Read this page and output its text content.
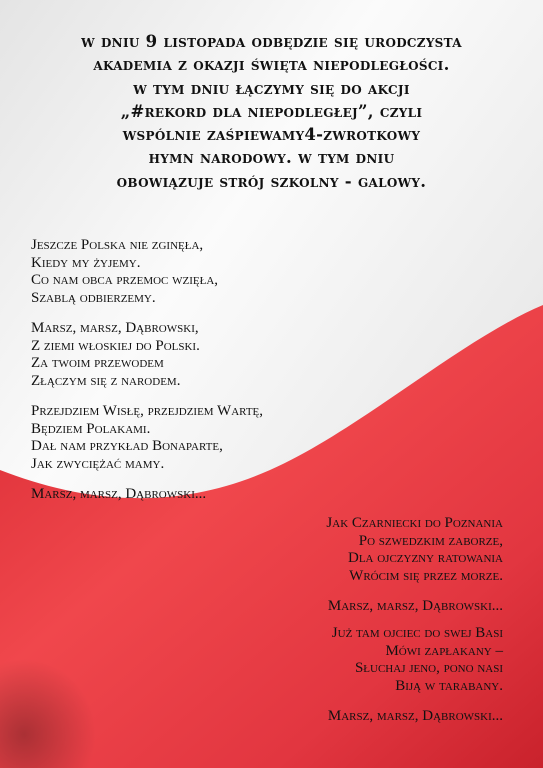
w dniu 9 listopada odbędzie się urodczysta
akademia z okazji święta niepodległości.
w tym dniu łączymy się do akcji
„#rekord dla niepodległej”, czyli
wspólnie zaśpiewamy4-zwrotkowy
hymn narodowy. w tym dniu
obowiązuje strój szkolny - galowy.
Jeszcze Polska nie zginęła,
Kiedy my żyjemy.
Co nam obca przemoc wzięła,
Szablą odbierzemy.
Marsz, marsz, Dąbrowski,
Z ziemi włoskiej do Polski.
Za twoim przewodem
Złączym się z narodem.
Przejdziem Wisłę, przejdziem Wartę,
Będziem Polakami.
Dał nam przykład Bonaparte,
Jak zwyciężać mamy.
Marsz, marsz, Dąbrowski...
Jak Czarniecki do Poznania
Po szwedzkim zaborze,
Dla ojczyzny ratowania
Wrócim się przez morze.
Marsz, marsz, Dąbrowski...
Już tam ojciec do swej Basi
Mówi zapłakany –
Słuchaj jeno, pono nasi
Biją w tarabany.
Marsz, marsz, Dąbrowski...
